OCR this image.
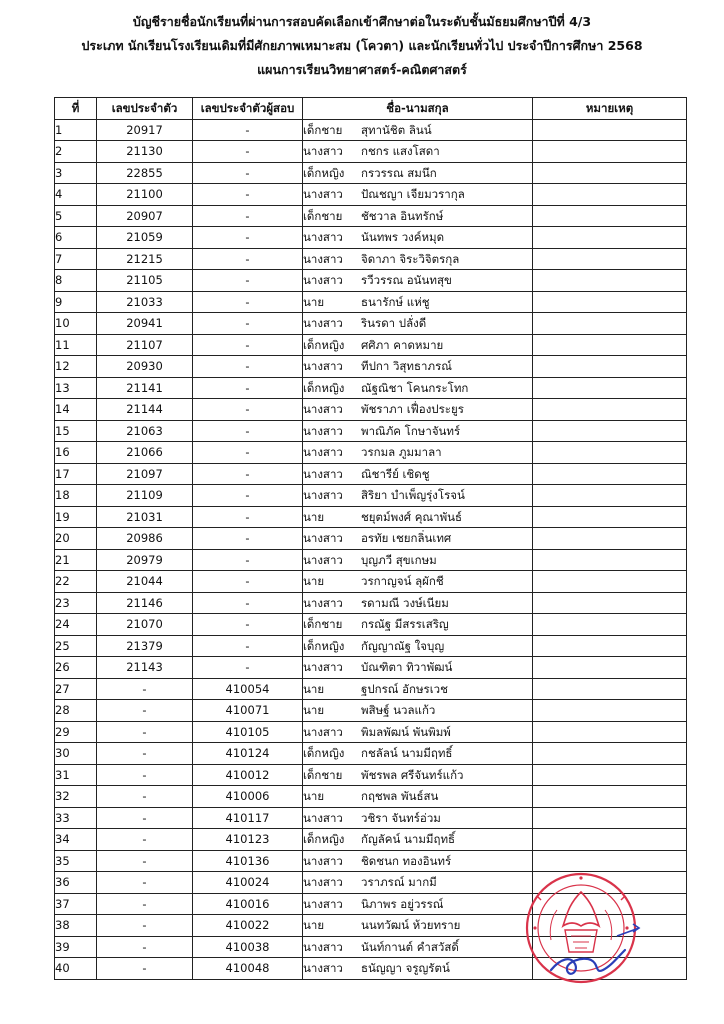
บัญชีรายชื่อนักเรียนที่ผ่านการสอบคัดเลือกเข้าศึกษาต่อในระดับชั้นมัธยมศึกษาปีที่ 4/3
ประเภท นักเรียนโรงเรียนเดิมที่มีศักยภาพเหมาะสม (โควตา) และนักเรียนทั่วไป ประจำปีการศึกษา 2568
แผนการเรียนวิทยาศาสตร์-คณิตศาสตร์
ที่	เลขประจำตัว	เลขประจำตัวผู้สอบ	ชื่อ-นามสกุล	หมายเหตุ
1	20917	-	เด็กชาย สุทานัชิต ลินน์	
2	21130	-	นางสาว กชกร แสงโสดา	
3	22855	-	เด็กหญิง กรวรรณ สมนึก	
4	21100	-	นางสาว ปัณชญา เจียมวรากุล	
5	20907	-	เด็กชาย ชัชวาล อินทรักษ์	
6	21059	-	นางสาว นันทพร วงค์หมุด	
7	21215	-	นางสาว จิดาภา จิระวิจิตรกุล	
8	21105	-	นางสาว รวีวรรณ อนันทสุข	
9	21033	-	นาย ธนารักษ์ แห่ชู	
10	20941	-	นางสาว รินรดา ปลั่งดี	
11	21107	-	เด็กหญิง ศศิภา คาดหมาย	
12	20930	-	นางสาว ทีปกา วิสุทธาภรณ์	
13	21141	-	เด็กหญิง ณัฐณิชา โคนกระโทก	
14	21144	-	นางสาว พัชราภา เฟื่องประยูร	
15	21063	-	นางสาว พาณิภัค โกษาจันทร์	
16	21066	-	นางสาว วรกมล ภูมมาลา	
17	21097	-	นางสาว ณิชารีย์ เชิดชู	
18	21109	-	นางสาว สิริยา บำเพ็ญรุ่งโรจน์	
19	21031	-	นาย ชยุตม์พงศ์ คุณาพันธ์	
20	20986	-	นางสาว อรทัย เชยกลิ่นเทศ	
21	20979	-	นางสาว บุญภวี สุขเกษม	
22	21044	-	นาย วรกาญจน์ ลุผักชี	
23	21146	-	นางสาว รดามณี วงษ์เนียม	
24	21070	-	เด็กชาย กรณัฐ มีสรรเสริญ	
25	21379	-	เด็กหญิง กัญญาณัฐ ใจบุญ	
26	21143	-	นางสาว บัณฑิตา ทิวาพัฒน์	
27	-	410054	นาย ฐปกรณ์ อักษรเวช	
28	-	410071	นาย พสิษฐ์ นวลแก้ว	
29	-	410105	นางสาว พิมลพัฒน์ พันพิมพ์	
30	-	410124	เด็กหญิง กชลัลน์ นามมีฤทธิ์	
31	-	410012	เด็กชาย พัชรพล ศรีจันทร์แก้ว	
32	-	410006	นาย กฤชพล พันธ์สน	
33	-	410117	นางสาว วชิรา จันทร์อ่วม	
34	-	410123	เด็กหญิง กัญลัคน์ นามมีฤทธิ์	
35	-	410136	นางสาว ชิดชนก ทองอินทร์	
36	-	410024	นางสาว วราภรณ์ มากมี	
37	-	410016	นางสาว นิภาพร อยู่วรรณ์	
38	-	410022	นาย นนทวัฒน์ ห้วยทราย	
39	-	410038	นางสาว นันท์กานต์ คำสวัสดิ์	
40	-	410048	นางสาว ธนัญญา จรูญรัตน์	
